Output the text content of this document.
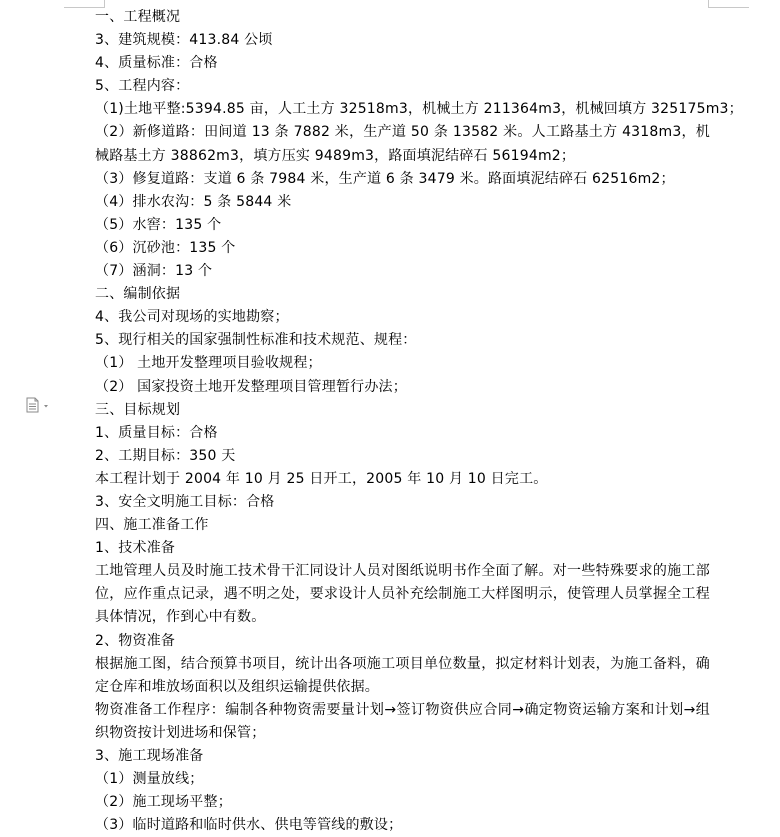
一、工程概况
3、建筑规模：413.84 公顷
4、质量标准：合格
5、工程内容：
（1)土地平整:5394.85 亩，人工土方 32518m3，机械土方 211364m3，机械回填方 325175m3；
（2）新修道路：田间道 13 条 7882 米，生产道 50 条 13582 米。人工路基土方 4318m3，机械路基土方 38862m3，填方压实 9489m3，路面填泥结碎石 56194m2；
（3）修复道路：支道 6 条 7984 米，生产道 6 条 3479 米。路面填泥结碎石 62516m2；
（4）排水农沟：5 条 5844 米
（5）水窖：135 个
（6）沉砂池：135 个
（7）涵洞：13 个
二、编制依据
4、我公司对现场的实地勘察；
5、现行相关的国家强制性标准和技术规范、规程：
（1） 土地开发整理项目验收规程；
（2） 国家投资土地开发整理项目管理暂行办法；
三、目标规划
1、质量目标：合格
2、工期目标：350 天
本工程计划于 2004 年 10 月 25 日开工，2005 年 10 月 10 日完工。
3、安全文明施工目标：合格
四、施工准备工作
1、技术准备
工地管理人员及时施工技术骨干汇同设计人员对图纸说明书作全面了解。对一些特殊要求的施工部位，应作重点记录，遇不明之处，要求设计人员补充绘制施工大样图明示，使管理人员掌握全工程具体情况，作到心中有数。
2、物资准备
根据施工图，结合预算书项目，统计出各项施工项目单位数量，拟定材料计划表，为施工备料，确定仓库和堆放场面积以及组织运输提供依据。
物资准备工作程序：编制各种物资需要量计划→签订物资供应合同→确定物资运输方案和计划→组织物资按计划进场和保管；
3、施工现场准备
（1）测量放线；
（2）施工现场平整；
（3）临时道路和临时供水、供电等管线的敷设；
